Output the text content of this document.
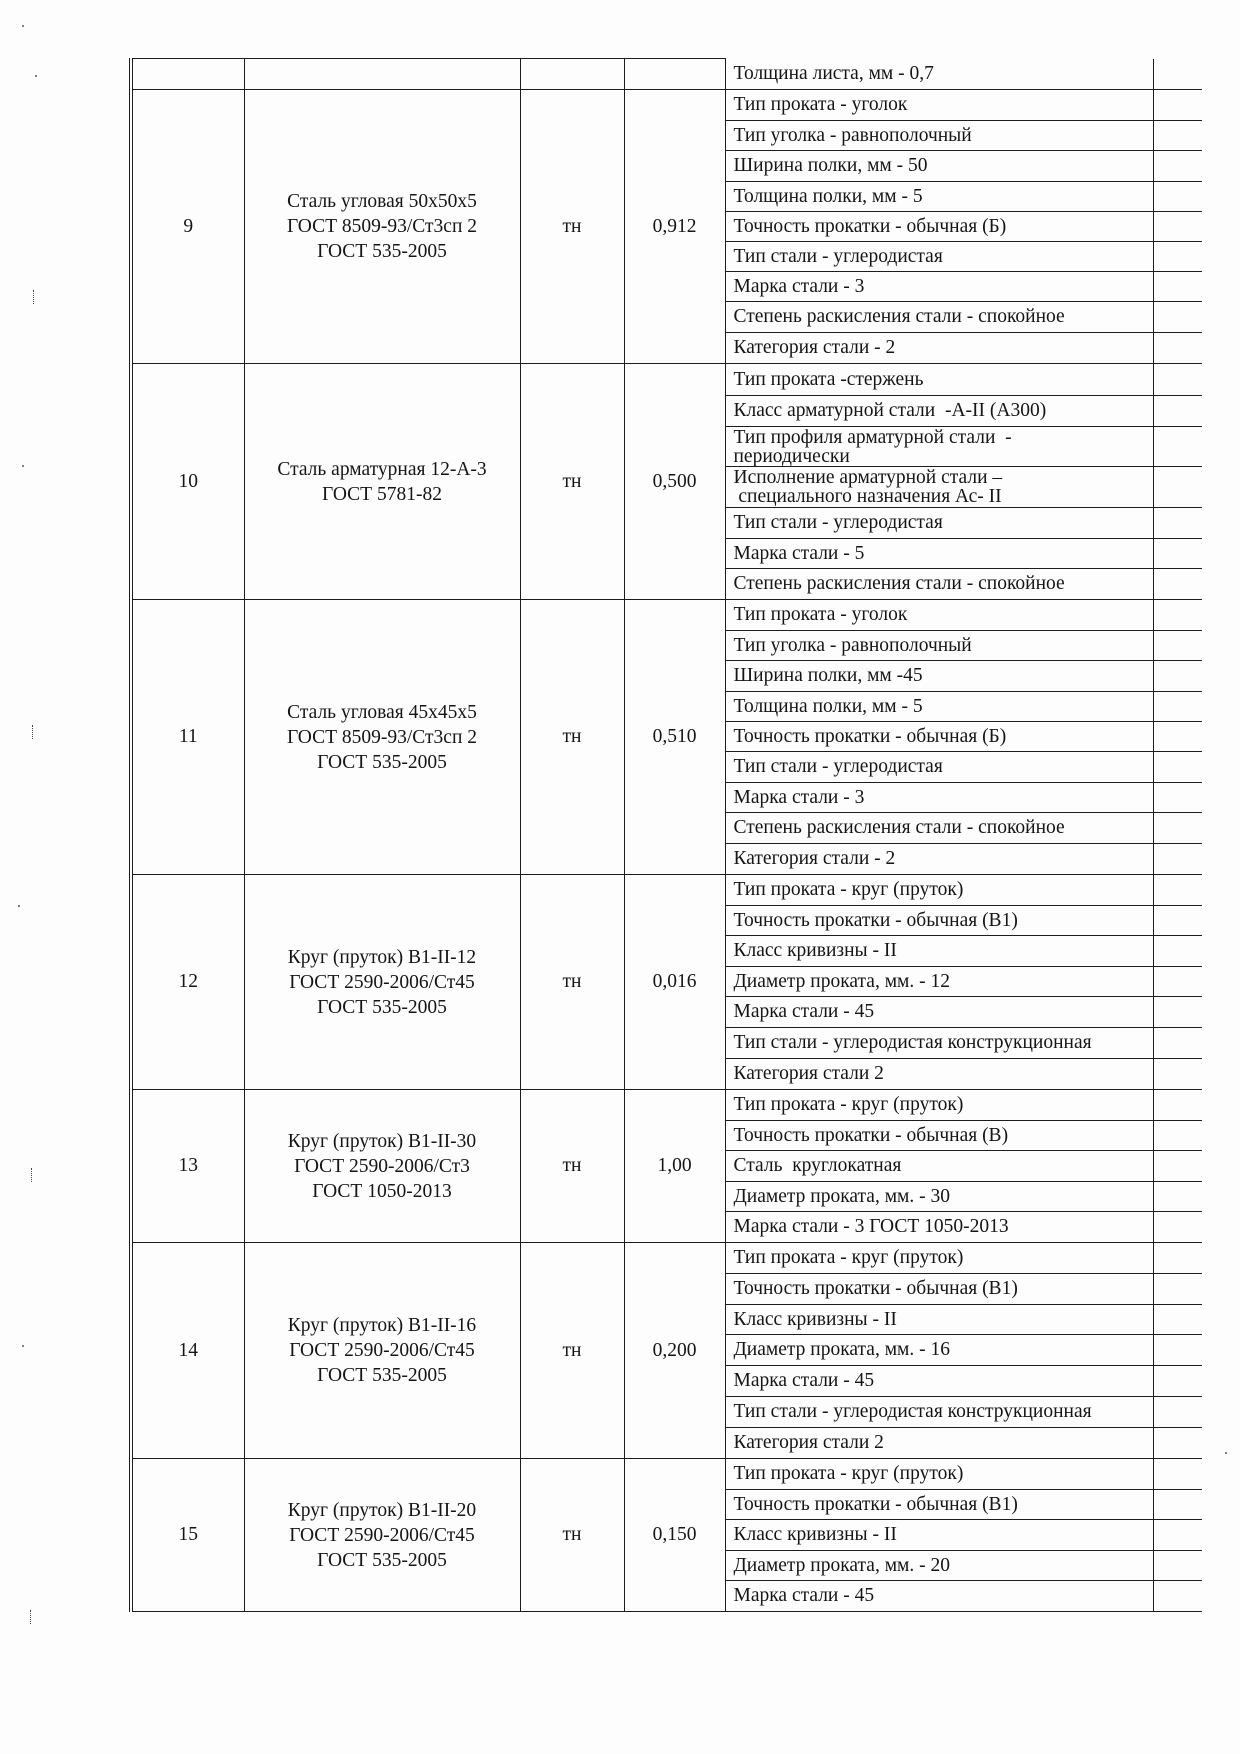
				Толщина листа, мм - 0,7	
9	Сталь угловая 50х50х5
ГОСТ 8509-93/Ст3сп 2
ГОСТ 535-2005	тн	0,912	Тип проката - уголок	
				Тип уголка - равнополочный	
				Ширина полки, мм - 50	
				Толщина полки, мм - 5	
				Точность прокатки - обычная (Б)	
				Тип стали - углеродистая	
				Марка стали - 3	
				Степень раскисления стали - спокойное	
				Категория стали - 2	
10	Сталь арматурная 12-А-3
ГОСТ 5781-82	тн	0,500	Тип проката -стержень	
				Класс арматурной стали  -А-II (А300)	
				Тип профиля арматурной стали  -
периодически	
				Исполнение арматурной стали –
специального назначения Ас- II	
				Тип стали - углеродистая	
				Марка стали - 5	
				Степень раскисления стали - спокойное	
11	Сталь угловая 45х45х5
ГОСТ 8509-93/Ст3сп 2
ГОСТ 535-2005	тн	0,510	Тип проката - уголок	
				Тип уголка - равнополочный	
				Ширина полки, мм -45	
				Толщина полки, мм - 5	
				Точность прокатки - обычная (Б)	
				Тип стали - углеродистая	
				Марка стали - 3	
				Степень раскисления стали - спокойное	
				Категория стали - 2	
12	Круг (пруток) В1-II-12
ГОСТ 2590-2006/Ст45
ГОСТ 535-2005	тн	0,016	Тип проката - круг (пруток)	
				Точность прокатки - обычная (В1)	
				Класс кривизны - II	
				Диаметр проката, мм. - 12	
				Марка стали - 45	
				Тип стали - углеродистая конструкционная	
				Категория стали 2	
13	Круг (пруток) В1-II-30
ГОСТ 2590-2006/Ст3
ГОСТ 1050-2013	тн	1,00	Тип проката - круг (пруток)	
				Точность прокатки - обычная (В)	
				Сталь  круглокатная	
				Диаметр проката, мм. - 30	
				Марка стали - 3 ГОСТ 1050-2013	
14	Круг (пруток) В1-II-16
ГОСТ 2590-2006/Ст45
ГОСТ 535-2005	тн	0,200	Тип проката - круг (пруток)	
				Точность прокатки - обычная (В1)	
				Класс кривизны - II	
				Диаметр проката, мм. - 16	
				Марка стали - 45	
				Тип стали - углеродистая конструкционная	
				Категория стали 2	
15	Круг (пруток) В1-II-20
ГОСТ 2590-2006/Ст45
ГОСТ 535-2005	тн	0,150	Тип проката - круг (пруток)	
				Точность прокатки - обычная (В1)	
				Класс кривизны - II	
				Диаметр проката, мм. - 20	
				Марка стали - 45	
